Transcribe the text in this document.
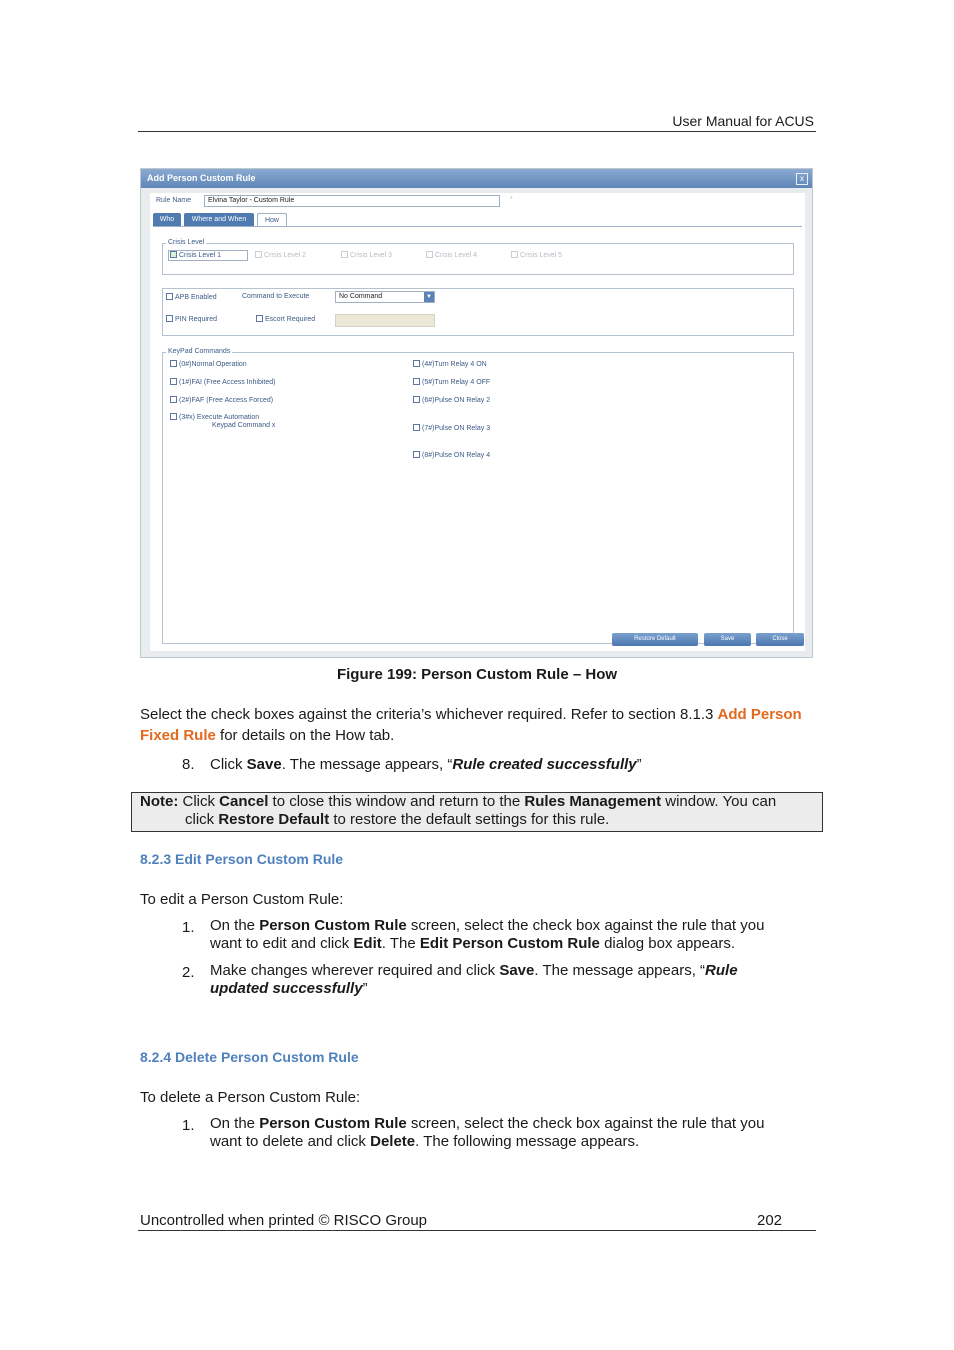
User Manual for ACUS
Add Person Custom Rule	x
Rule Name	Elvina Taylor - Custom Rule	*
Who	Where and When	How
Crisis Level
Crisis Level 1	Crisis Level 2	Crisis Level 3	Crisis Level 4	Crisis Level 5
APB Enabled	Command to Execute	No Command	▼
PIN Required	Escort Required
KeyPad Commands
(0#)Normal Operation
(1#)FAI (Free Access Inhibited)
(2#)FAF (Free Access Forced)
(3#x) Execute Automation
Keypad Command x
(4#)Turn Relay 4 ON
(5#)Turn Relay 4 OFF
(6#)Pulse ON Relay 2
(7#)Pulse ON Relay 3
(8#)Pulse ON Relay 4
Restore Default	Save	Close
Figure 199: Person Custom Rule – How
Select the check boxes against the criteria’s whichever required. Refer to section 8.1.3 Add Person Fixed Rule for details on the How tab.
8. Click Save. The message appears, “Rule created successfully”
Note: Click Cancel to close this window and return to the Rules Management window. You can
click Restore Default to restore the default settings for this rule.
8.2.3 Edit Person Custom Rule
To edit a Person Custom Rule:
1. On the Person Custom Rule screen, select the check box against the rule that you
want to edit and click Edit. The Edit Person Custom Rule dialog box appears.
2. Make changes wherever required and click Save. The message appears, “Rule
updated successfully”
8.2.4 Delete Person Custom Rule
To delete a Person Custom Rule:
1. On the Person Custom Rule screen, select the check box against the rule that you
want to delete and click Delete. The following message appears.
Uncontrolled when printed © RISCO Group	202
